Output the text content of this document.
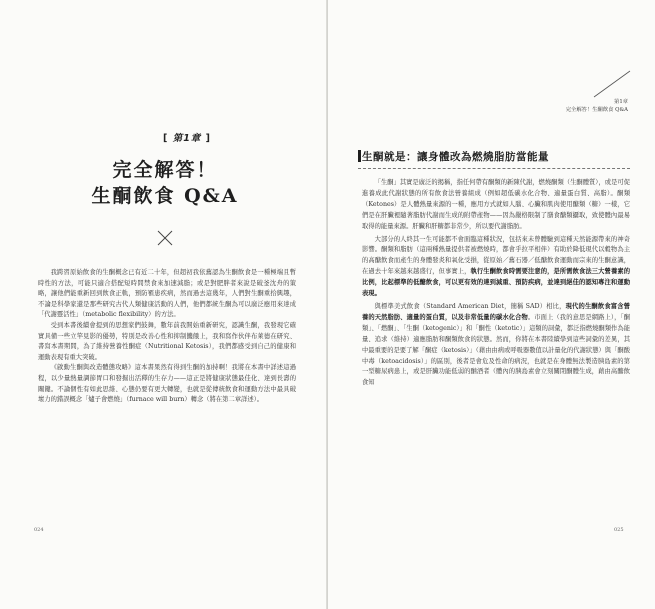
[ 第1章 ]
完全解答！
生酮飲食 Q&A

我跨習原始飲食的生酮概念已有近二十年，但超初我依舊認為生酮飲食是一種極端且暫時性的方法，可能只適合搭配短時間禁食來加速減脂；或是對肥胖者來說是破釜沈舟的策略，讓他們能重新回到飲食正軌，預防罹患疾病，然而過去這幾年，人們對生酮重拾興趣，不論是科學家還是那些研究古代人類健康活動的人們，他們都統生酮為可以廣泛應用來達成「代謝靈活性」（metabolic flexibility）的方法。

受到本書後續會提到的思想家們鼓舞，數年前我開始重新研究，認識生酮，我發現它確實具備一些立竿見影的優勢，特別是改善心性和抑制饑餓上，我和寫作伙伴布萊德在研究、書寫本書期間，為了維持營養性酮症（Nutritional Ketosis），我們都感受到自己的健康和運動表現有重大突破。

《啟動生酮與改造體態攻略》這本書果然有得到生酮的加持啊！我將在本書中詳述這過程，以少量熱量調節胃口和發掘出活釋的生存力——這正是將健康狀態最佳化、達到長壽的關鍵。不論個性有如此思維、心態仍要有更大轉變，也就是從傳統飲食和運動方法中最具破壞力的錯誤概念「爐子會燃燒」（furnace will burn）轉念（將在第二章詳述）。

024
第1章
完全解答！生酮飲食 Q&A
生酮就是：讓身體改為燃燒脂肪當能量

「生酮」其實是廣泛的揭稱，指任何帶有酮類的新陳代謝，燃燒酮類（生酮體質），或是可促進養成此代謝狀態的所有飲食法營養組成（例如超低碳水化合物、適量蛋白質、高脂）。酮類（Ketones）是人體熱量來源的一種，應用方式就如人腦、心臟和肌肉使用醣類（糖）一樣，它們是在肝臟裡隨著脂肪代謝而生成的附帶產物——因為嚴格限制了膳食醣類攝取，致使體內最易取得的能量來源。肝臟和肝糖都非常少，所以要代謝脂肪。

大部分的人終其一生可能都不會面臨這種狀況，包括來未曾體驗到這種天然能源帶來的神奇影響。酮類和脂肪（這兩種熱量提供者被燃燒時，都會乎拉平相伴）有助於降低現代以穀物為主的高醣飲食而產生的身體發炎和氧化受損，從原始／舊石器／低醣飲食運動而宗來的生酮意識，在過去十年來越來越盛行，但事實上，執行生酮飲食時需要注意的，是所需飲食法三大營養素的比例，比起標準的低醣飲食，可以更有效的達到減重、預防疾病，並達到絕佳的認知專注和運動表現。

與標準美式飲食（Standard American Diet，簡稱 SAD）相比，現代的生酮飲食富含營養的天然脂肪、適量的蛋白質，以及非常低量的碳水化合物。市面上（我的意思是網路上），「酮類」、「燃酮」、「生酮（ketogenic）」和「酮性（ketotic）」這類的詞彙，都泛指燃燒酮類作為能量、追求（維持）適應脂肪和酮類飲食的狀態。然而，你將在本書陸續學到這些詞彙的差異，其中最重要的是要了解「酮症（ketosis）」（藉由由病或呼吸器數值以計量化的代謝狀態）與「酮酸中毒（ketoacidosis）」的區別，後者是會危及性命的病況，也就是在身體無法製造胰島素的第一型糖尿病患上，或是肝臟功能低弱的酗酒者（體內的胰島素會立刻關閉酮體生成，藉由高醣飲食知

025
